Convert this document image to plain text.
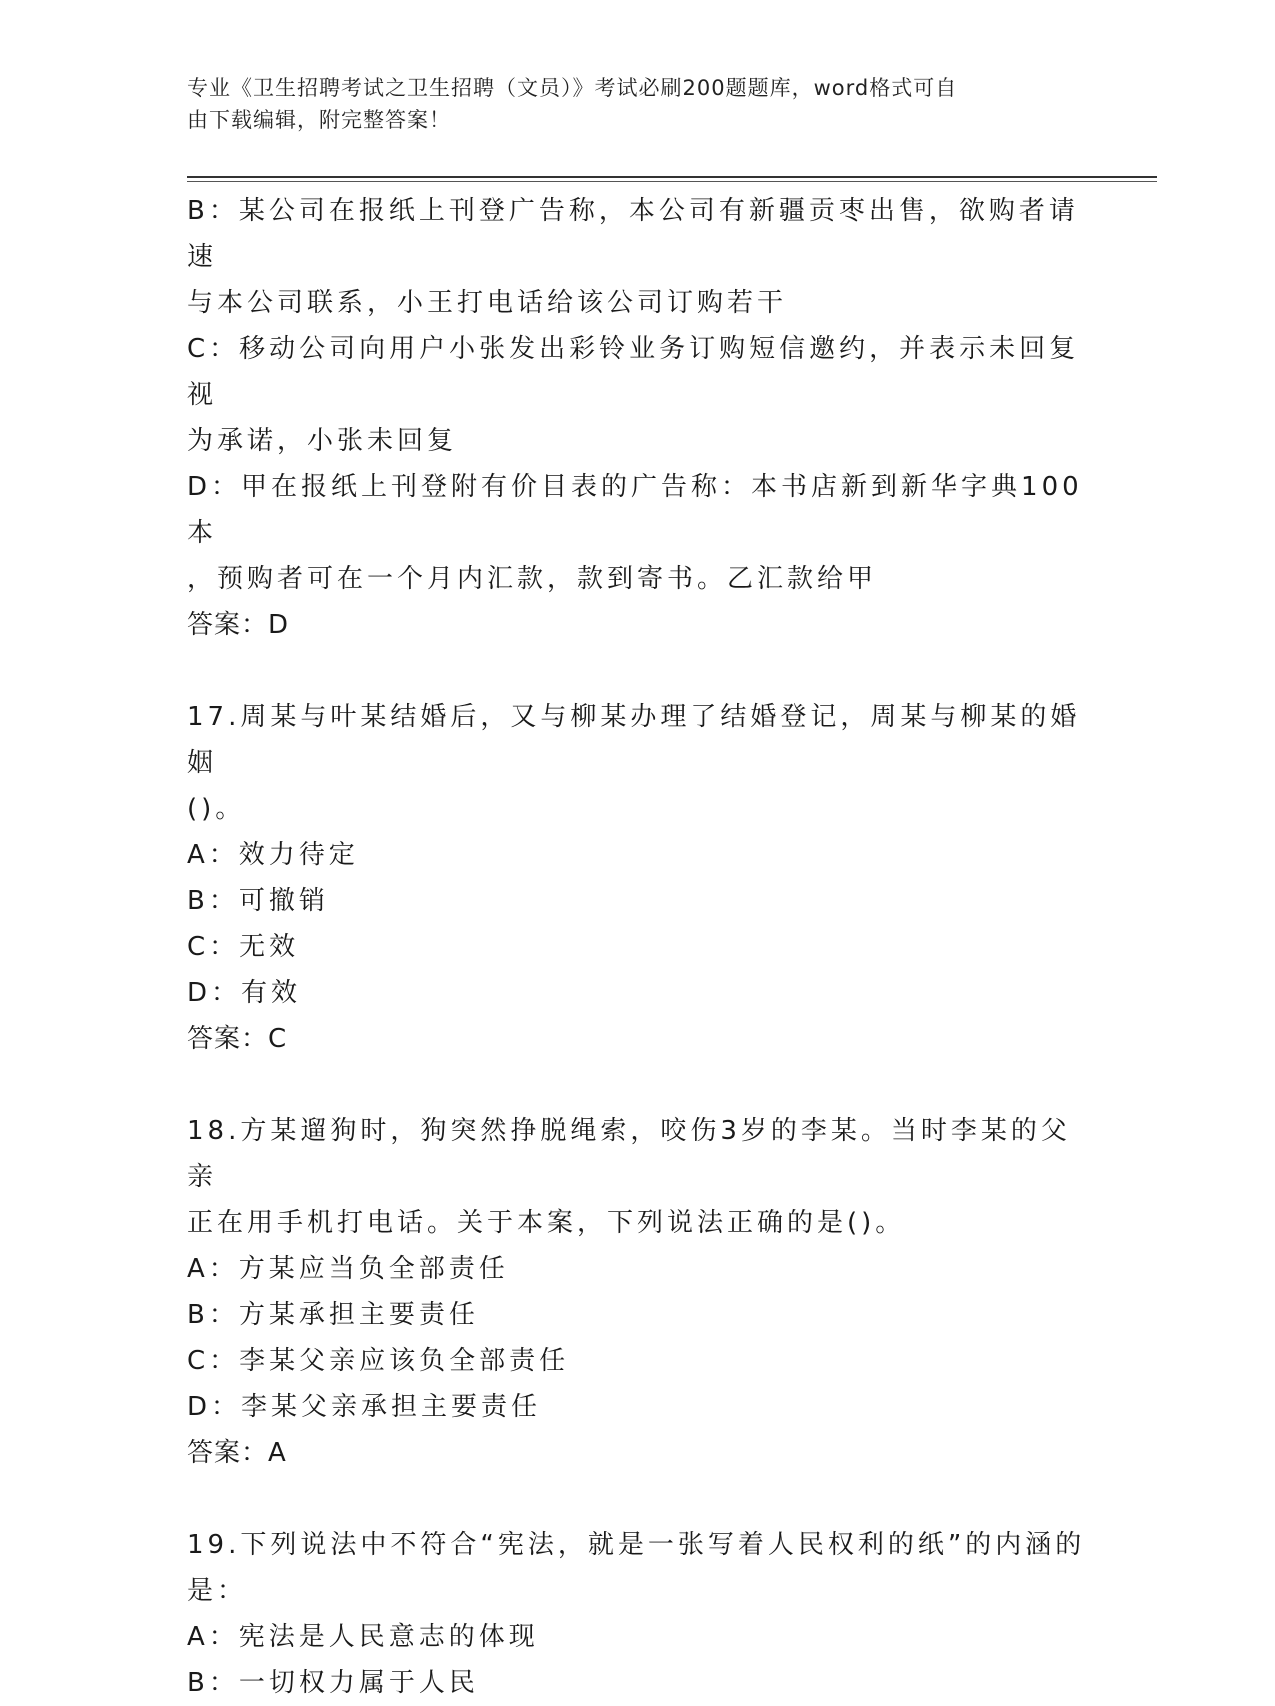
专业《卫生招聘考试之卫生招聘（文员）》考试必刷200题题库，word格式可自
由下载编辑，附完整答案！

B：某公司在报纸上刊登广告称，本公司有新疆贡枣出售，欲购者请速

与本公司联系，小王打电话给该公司订购若干

C：移动公司向用户小张发出彩铃业务订购短信邀约，并表示未回复视

为承诺，小张未回复

D：甲在报纸上刊登附有价目表的广告称：本书店新到新华字典100本

，预购者可在一个月内汇款，款到寄书。乙汇款给甲

答案：D

17.周某与叶某结婚后，又与柳某办理了结婚登记，周某与柳某的婚姻

()。

A：效力待定

B：可撤销

C：无效

D：有效

答案：C

18.方某遛狗时，狗突然挣脱绳索，咬伤3岁的李某。当时李某的父亲

正在用手机打电话。关于本案，下列说法正确的是()。

A：方某应当负全部责任

B：方某承担主要责任

C：李某父亲应该负全部责任

D：李某父亲承担主要责任

答案：A

19.下列说法中不符合“宪法，就是一张写着人民权利的纸”的内涵的

是：

A：宪法是人民意志的体现

B：一切权力属于人民
